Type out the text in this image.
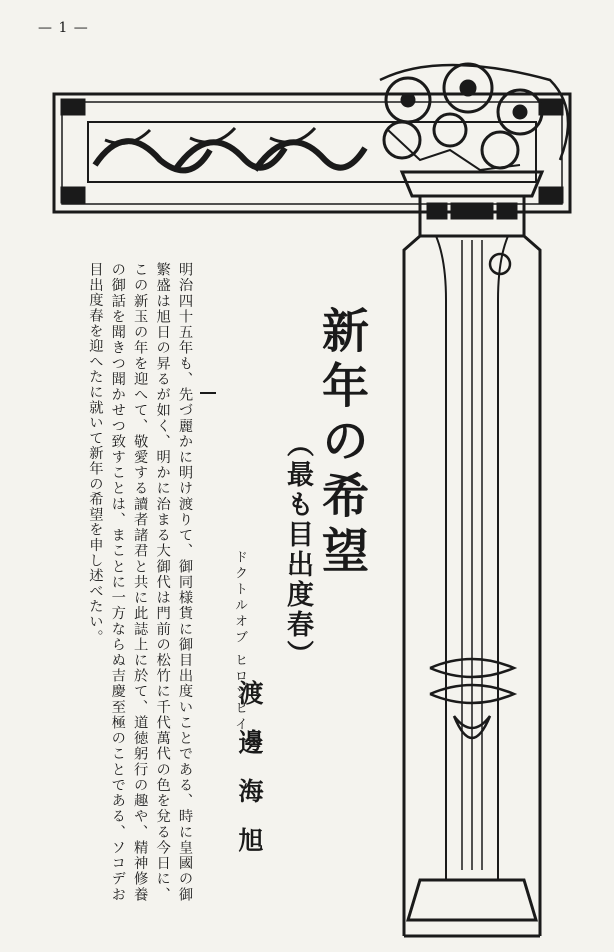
— 1 —
新年の希望
（最も目出度春）
ドクトルオブ ヒロソヒイ
渡邊海旭
明治四十五年も、先づ麗かに明け渡りて、御同様貨に御目出度いことである、時に皇國の御繁盛は旭日の昇るが如く、明かに治まる大御代は門前の松竹に千代萬代の色を兌る今日に、この新玉の年を迎へて、敬愛する讀者諸君と共に此誌上に於て、道徳躬行の趣や、精神修養の御話を聞きつ聞かせつ致すことは、まことに一方ならぬ吉慶至極のことである、ソコデお目出度春を迎へたに就いて新年の希望を申し述べたい。
